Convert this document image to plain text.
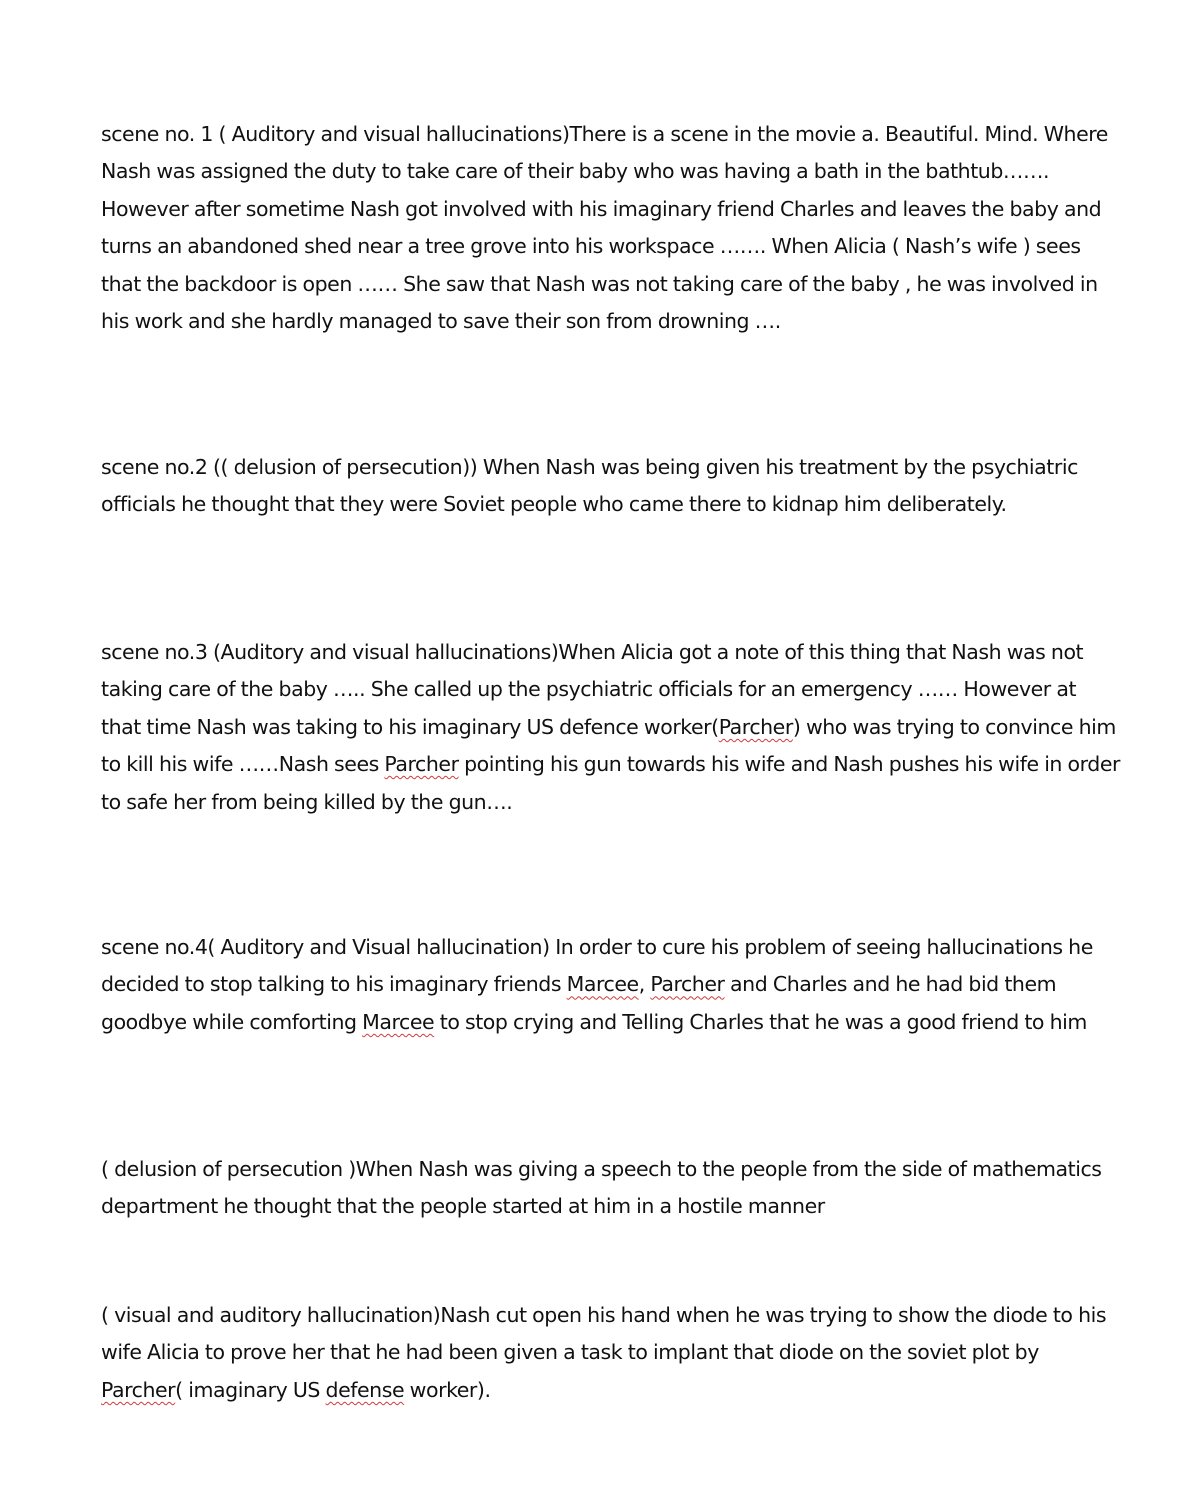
scene no. 1 ( Auditory and visual hallucinations)There is a scene in the movie a. Beautiful. Mind. Where Nash was assigned the duty to take care of their baby who was having a bath in the bathtub……. However after sometime Nash got involved with his imaginary friend Charles and leaves the baby and turns an abandoned shed near a tree grove into his workspace ……. When Alicia ( Nash’s wife ) sees that the backdoor is open …… She saw that Nash was not taking care of the baby , he was involved in his work and she hardly managed to save their son from drowning ….

scene no.2 (( delusion of persecution)) When Nash was being given his treatment by the psychiatric officials he thought that they were Soviet people who came there to kidnap him deliberately.

scene no.3 (Auditory and visual hallucinations)When Alicia got a note of this thing that Nash was not taking care of the baby ….. She called up the psychiatric officials for an emergency …… However at that time Nash was taking to his imaginary US defence worker(Parcher) who was trying to convince him to kill his wife ……Nash sees Parcher pointing his gun towards his wife and Nash pushes his wife in order to safe her from being killed by the gun….

scene no.4( Auditory and Visual hallucination) In order to cure his problem of seeing hallucinations he decided to stop talking to his imaginary friends Marcee, Parcher and Charles and he had bid them goodbye while comforting Marcee to stop crying and Telling Charles that he was a good friend to him

( delusion of persecution )When Nash was giving a speech to the people from the side of mathematics department he thought that the people started at him in a hostile manner

( visual and auditory hallucination)Nash cut open his hand when he was trying to show the diode to his wife Alicia to prove her that he had been given a task to implant that diode on the soviet plot by Parcher( imaginary US defense worker).
